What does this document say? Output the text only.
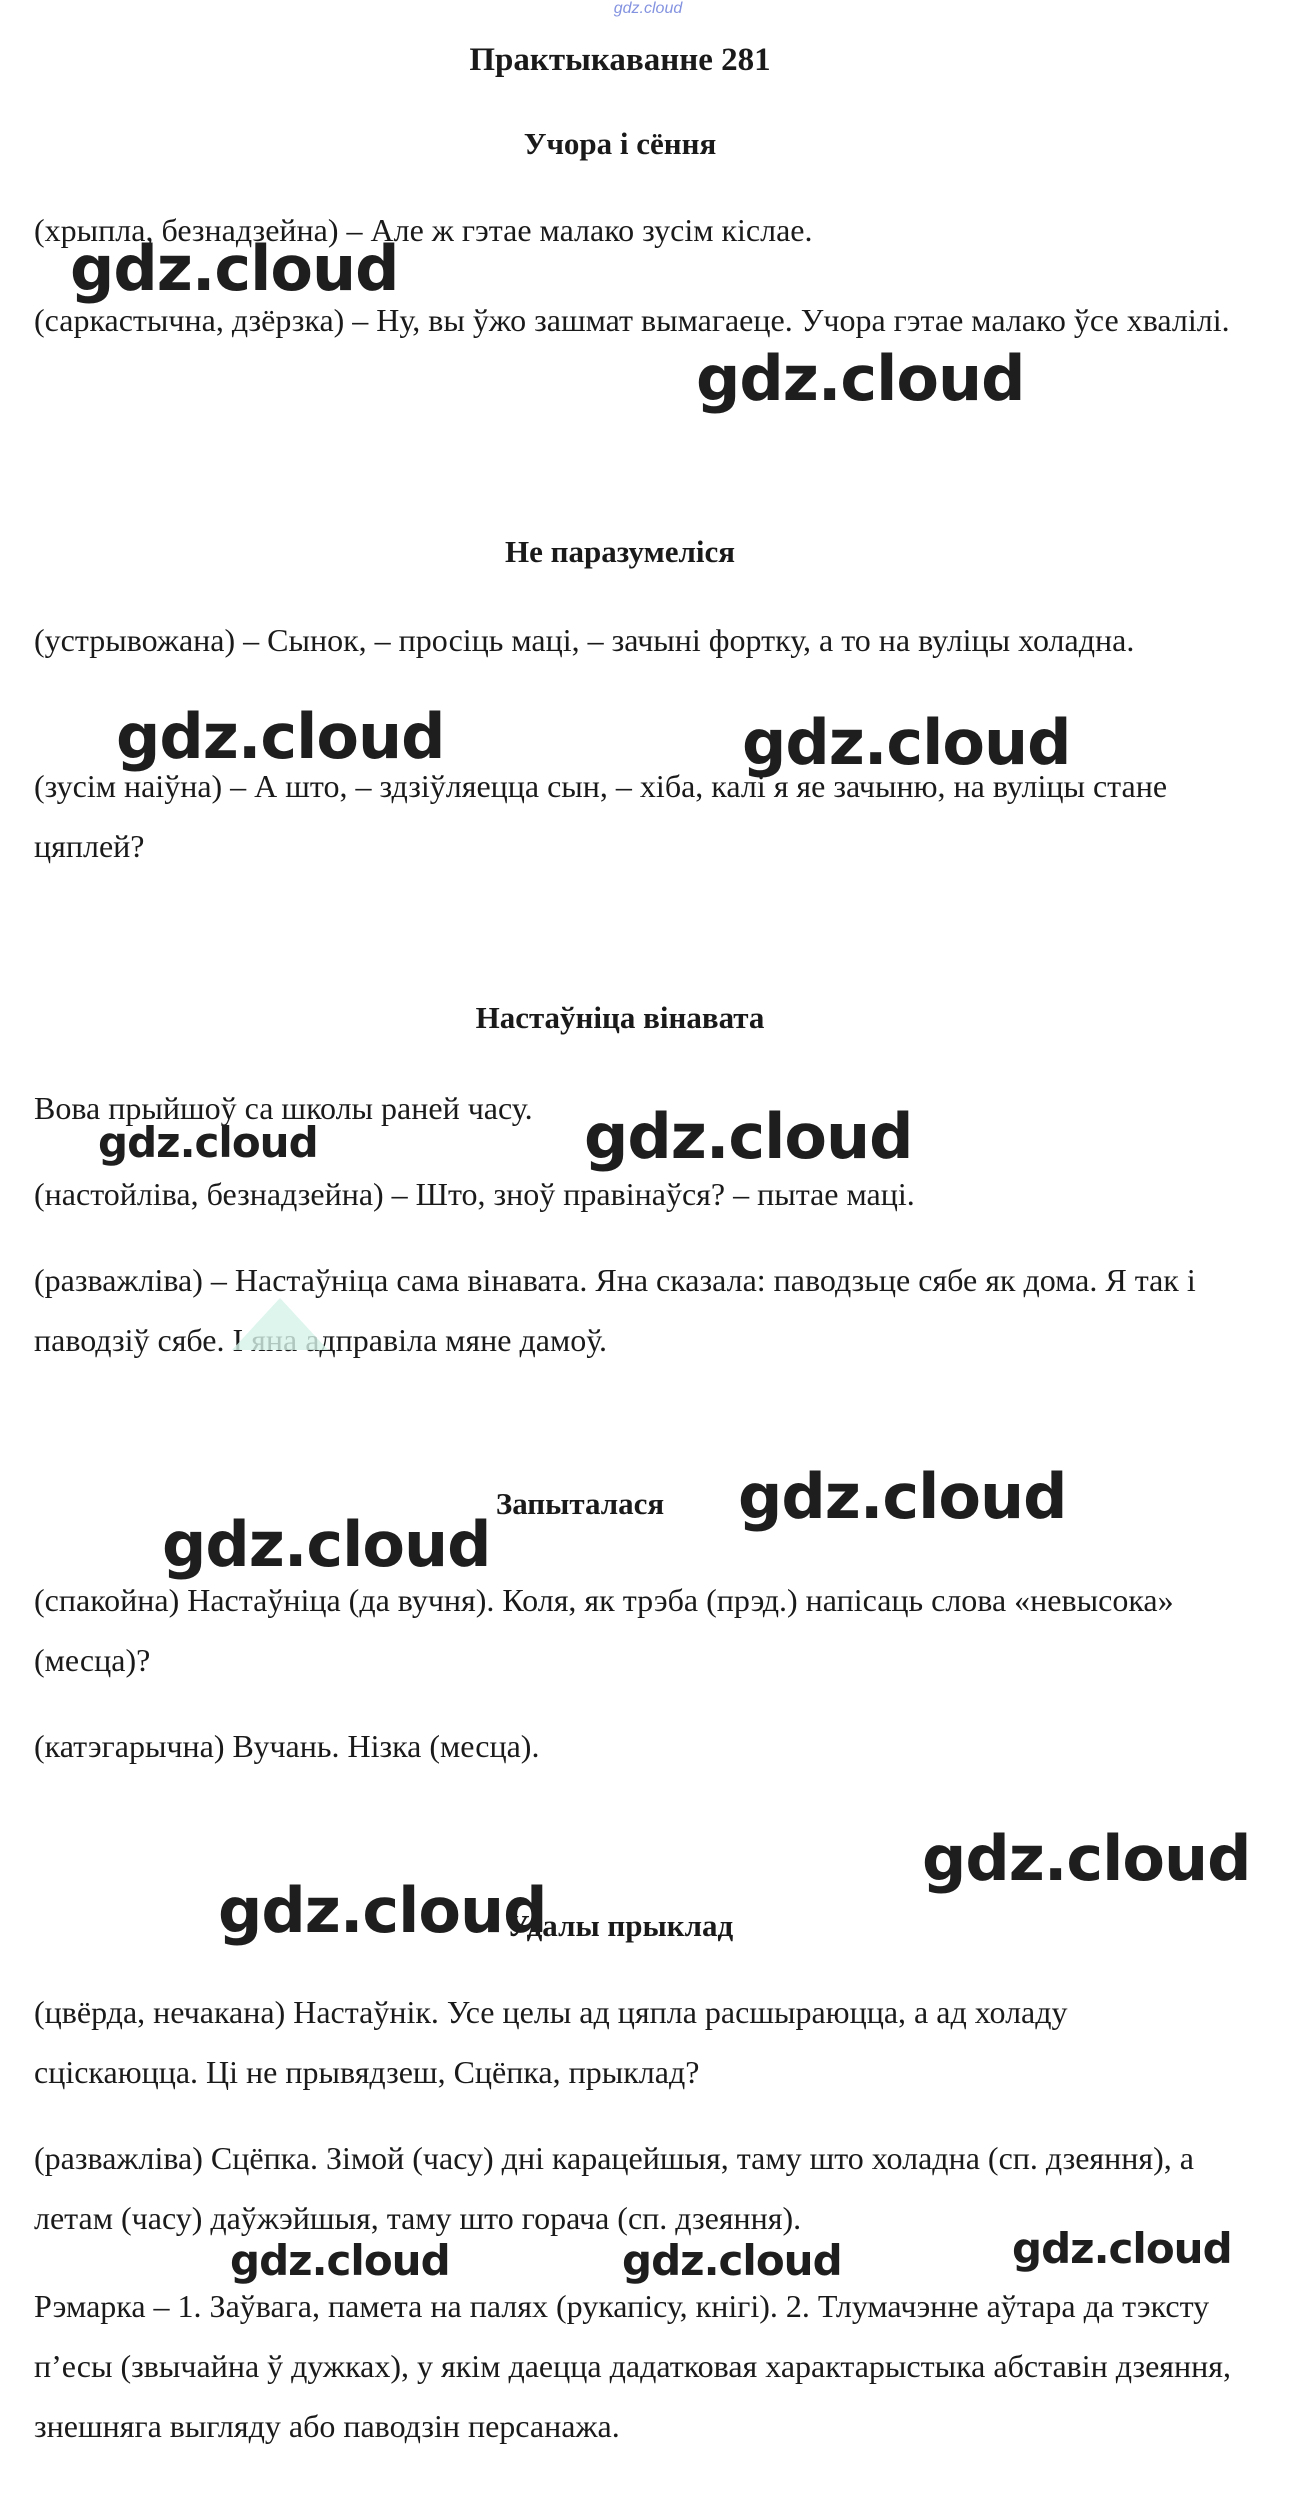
gdz.cloud
Практыкаванне 281
Учора і сёння

(хрыпла, безнадзейна) – Але ж гэтае малако зусім кіслае.

(саркастычна, дзёрзка) – Ну, вы ўжо зашмат вымагаеце. Учора гэтае малако ўсе хвалілі.

Не паразумеліся

(устрывожана) – Сынок, – просіць маці, – зачыні фортку, а то на вуліцы холадна.

(зусім наіўна) – А што, – здзіўляецца сын, – хіба, калі я яе зачыню, на вуліцы стане цяплей?

Настаўніца вінавата

Вова прыйшоў са школы раней часу.

(настойліва, безнадзейна) – Што, зноў правінаўся? – пытае маці.

(разважліва) – Настаўніца сама вінавата. Яна сказала: паводзьце сябе як дома. Я так і паводзіў сябе. І яна адправіла мяне дамоў.

Запыталася

(спакойна) Настаўніца (да вучня). Коля, як трэба (прэд.) напісаць слова «невысока» (месца)?

(катэгарычна) Вучань. Нізка (месца).

Удалы прыклад

(цвёрда, нечакана) Настаўнік. Усе целы ад цяпла расшыраюцца, а ад холаду сціскаюцца. Ці не прывядзеш, Сцёпка, прыклад?

(разважліва) Сцёпка. Зімой (часу) дні карацейшыя, таму што холадна (сп. дзеяння), а летам (часу) даўжэйшыя, таму што горача (сп. дзеяння).

Рэмарка – 1. Заўвага, памета на палях (рукапісу, кнігі). 2. Тлумачэнне аўтара да тэксту п’есы (звычайна ў дужках), у якім даецца дадатковая характарыстыка абставін дзеяння, знешняга выгляду або паводзін персанажа.

gdz.cloud
gdz.cloud
gdz.cloud	gdz.cloud
gdz.cloud	gdz.cloud
gdz.cloud
gdz.cloud
gdz.cloud
gdz.cloud
gdz.cloud	gdz.cloud	gdz.cloud
